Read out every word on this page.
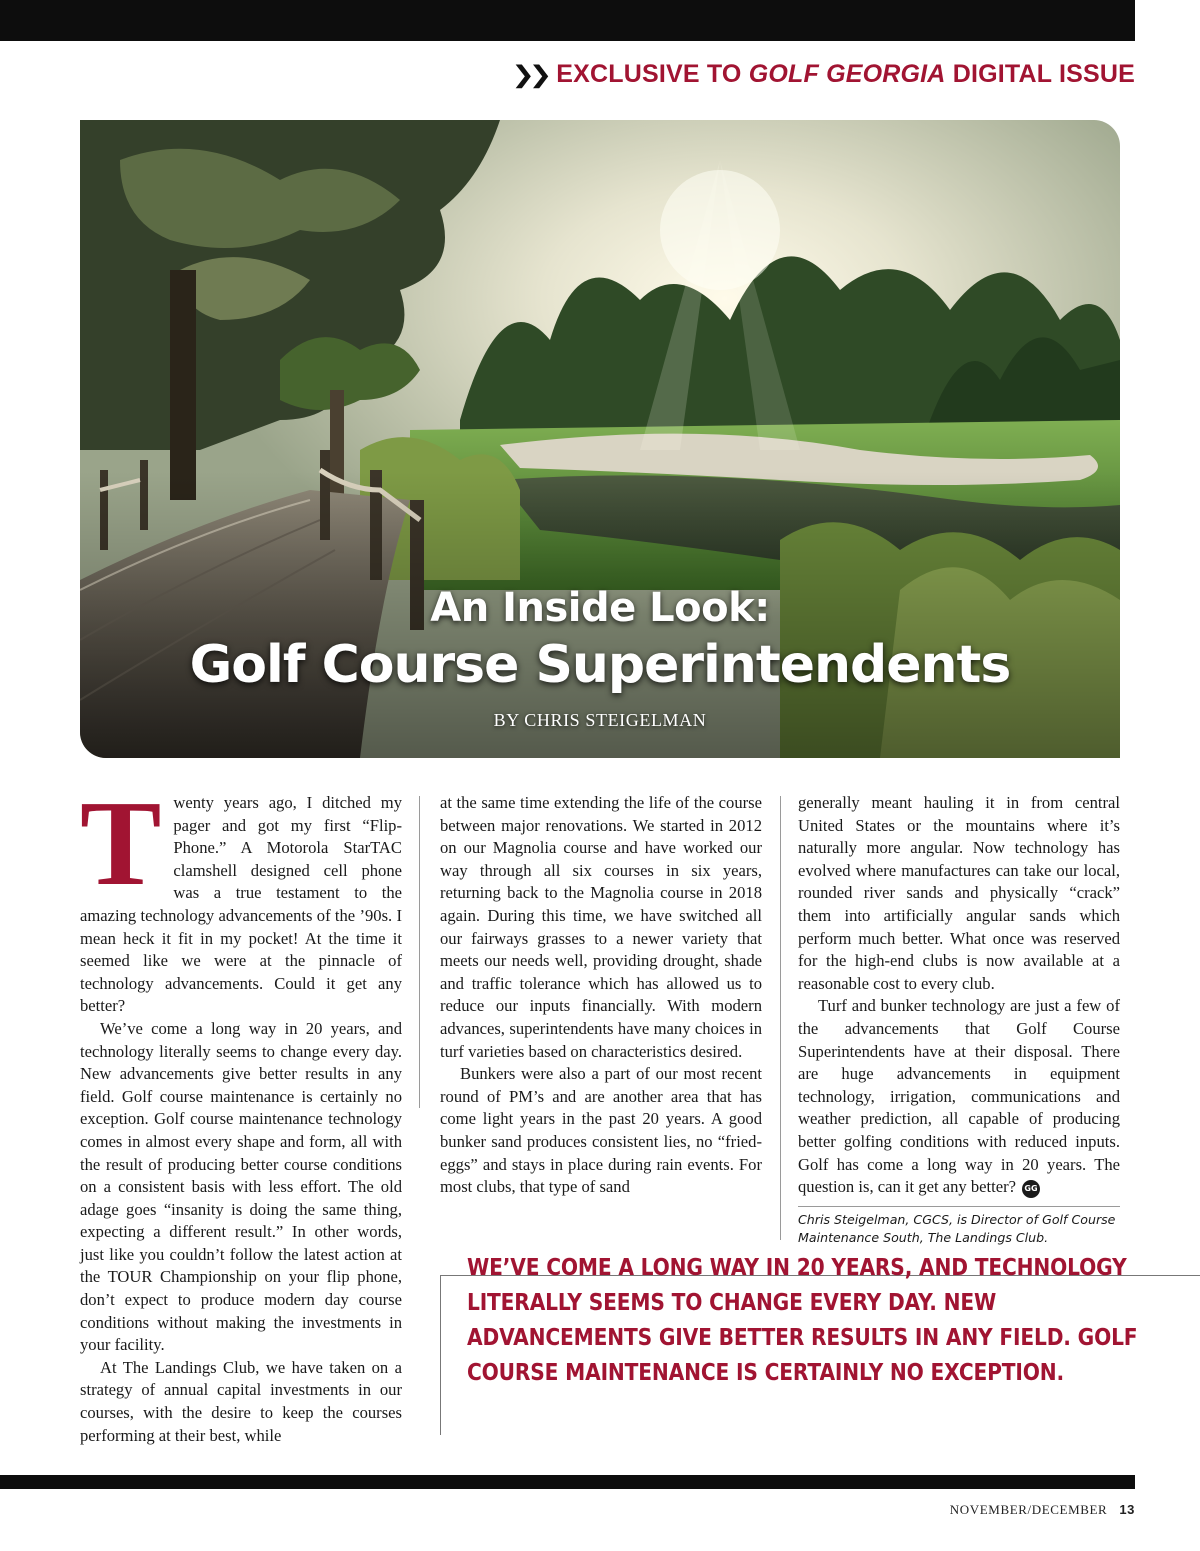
❯❯ EXCLUSIVE TO
GOLF GEORGIA
DIGITAL ISSUE
An Inside Look:
Golf Course Superintendents
BY CHRIS STEIGELMAN
T wenty years ago, I ditched my pager and got my first “Flip-Phone.” A Motorola StarTAC clamshell designed cell phone was a true testament to the amazing technology advancements of the ’90s. I mean heck it fit in my pocket! At the time it seemed like we were at the pinnacle of technology advancements. Could it get any better?

We’ve come a long way in 20 years, and technology literally seems to change every day. New advancements give better results in any field. Golf course maintenance is certainly no exception. Golf course maintenance technology comes in almost every shape and form, all with the result of producing better course conditions on a consistent basis with less effort. The old adage goes “insanity is doing the same thing, expecting a different result.” In other words, just like you couldn’t follow the latest action at the TOUR Championship on your flip phone, don’t expect to produce modern day course conditions without making the investments in your facility.

At The Landings Club, we have taken on a strategy of annual capital investments in our courses, with the desire to keep the courses performing at their best, while

at the same time extending the life of the course between major renovations. We started in 2012 on our Magnolia course and have worked our way through all six courses in six years, returning back to the Magnolia course in 2018 again. During this time, we have switched all our fairways grasses to a newer variety that meets our needs well, providing drought, shade and traffic tolerance which has allowed us to reduce our inputs financially. With modern advances, superintendents have many choices in turf varieties based on characteristics desired.

Bunkers were also a part of our most recent round of PM’s and are another area that has come light years in the past 20 years. A good bunker sand produces consistent lies, no “fried-eggs” and stays in place during rain events. For most clubs, that type of sand

generally meant hauling it in from central United States or the mountains where it’s naturally more angular. Now technology has evolved where manufactures can take our local, rounded river sands and physically “crack” them into artificially angular sands which perform much better. What once was reserved for the high-end clubs is now available at a reasonable cost to every club.

Turf and bunker technology are just a few of the advancements that Golf Course Superintendents have at their disposal. There are huge advancements in equipment technology, irrigation, communications and weather prediction, all capable of producing better golfing conditions with reduced inputs. Golf has come a long way in 20 years. The question is, can it get any better? GG

Chris Steigelman, CGCS, is Director of Golf Course Maintenance South, The Landings Club.
WE’VE COME A LONG WAY IN 20 YEARS, AND TECHNOLOGY LITERALLY SEEMS TO CHANGE EVERY DAY. NEW ADVANCEMENTS GIVE BETTER RESULTS IN ANY FIELD. GOLF COURSE MAINTENANCE IS CERTAINLY NO EXCEPTION.
NOVEMBER/DECEMBER 13
